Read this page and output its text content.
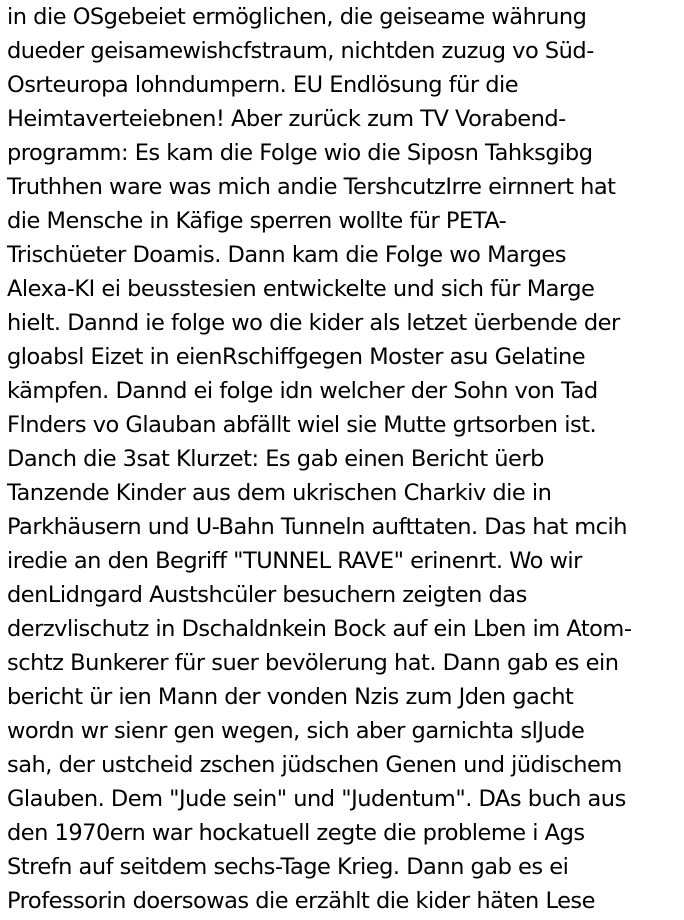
in die OSgebeiet ermöglichen, die geiseame währung
dueder geisamewishcfstraum, nichtden zuzug vo Süd-
Osrteuropa lohndumpern. EU Endlösung für die
Heimtaverteiebnen! Aber zurück zum TV Vorabend-
programm: Es kam die Folge wio die Siposn Tahksgibg
Truthhen ware was mich andie TershcutzIrre eirnnert hat
die Mensche in Käfige sperren wollte für PETA-
Trischüeter Doamis. Dann kam die Folge wo Marges
Alexa-KI ei beusstesien entwickelte und sich für Marge
hielt. Dannd ie folge wo die kider als letzet üerbende der
gloabsl Eizet in eienRschiffgegen Moster asu Gelatine
kämpfen. Dannd ei folge idn welcher der Sohn von Tad
Flnders vo Glauban abfällt wiel sie Mutte grtsorben ist.
Danch die 3sat Klurzet: Es gab einen Bericht üerb
Tanzende Kinder aus dem ukrischen Charkiv die in
Parkhäusern und U-Bahn Tunneln aufttaten. Das hat mcih
iredie an den Begriff "TUNNEL RAVE" erinenrt. Wo wir
denLidngard Austshcüler besuchern zeigten das
derzvlischutz in Dschaldnkein Bock auf ein Lben im Atom-
schtz Bunkerer für suer bevölerung hat. Dann gab es ein
bericht ür ien Mann der vonden Nzis zum Jden gacht
wordn wr sienr gen wegen, sich aber garnichta slJude
sah, der ustcheid zschen jüdschen Genen und jüdischem
Glauben. Dem "Jude sein" und "Judentum". DAs buch aus
den 1970ern war hockatuell zegte die probleme i Ags
Strefn auf seitdem sechs-Tage Krieg. Dann gab es ei
Professorin doersowas die erzählt die kider häten Lese
